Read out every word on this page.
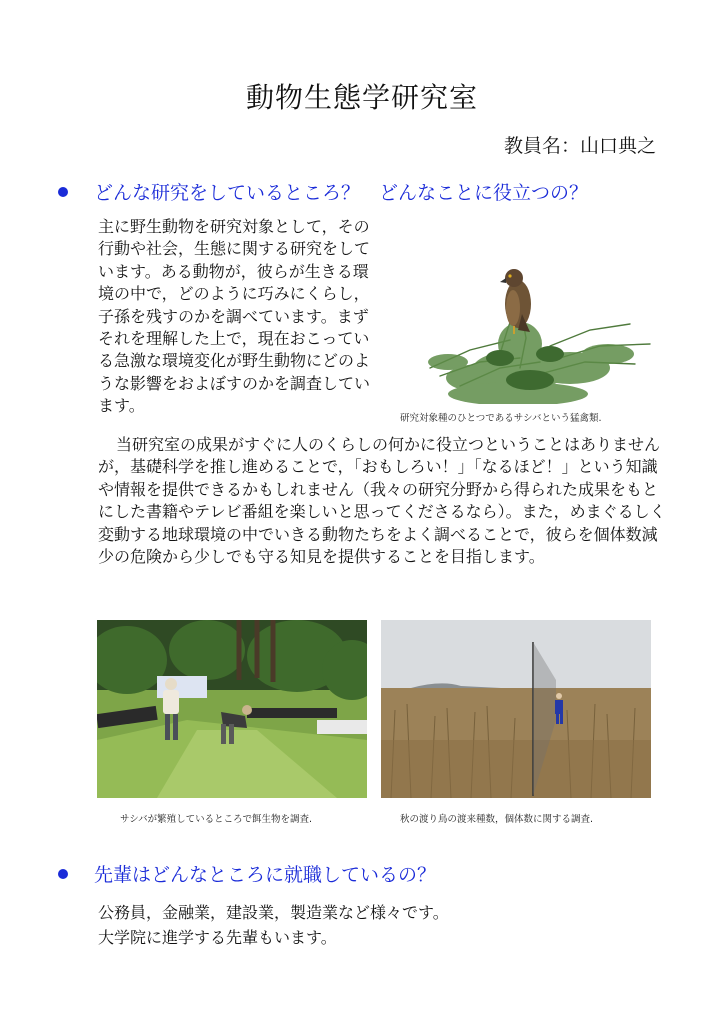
動物生態学研究室
教員名：山口典之
どんな研究をしているところ？　どんなことに役立つの？
主に野生動物を研究対象として，その行動や社会，生態に関する研究をしています。ある動物が，彼らが生きる環境の中で，どのように巧みにくらし，子孫を残すのかを調べています。まずそれを理解した上で，現在おこっている急激な環境変化が野生動物にどのような影響をおよぼすのかを調査しています。
研究対象種のひとつであるサシバという猛禽類.
当研究室の成果がすぐに人のくらしの何かに役立つということはありませんが，基礎科学を推し進めることで，「おもしろい！」「なるほど！」という知識や情報を提供できるかもしれません（我々の研究分野から得られた成果をもとにした書籍やテレビ番組を楽しいと思ってくださるなら）。また，めまぐるしく変動する地球環境の中でいきる動物たちをよく調べることで，彼らを個体数減少の危険から少しでも守る知見を提供することを目指します。
サシバが繁殖しているところで餌生物を調査.	秋の渡り鳥の渡来種数，個体数に関する調査.
先輩はどんなところに就職しているの？
公務員，金融業，建設業，製造業など様々です。
大学院に進学する先輩もいます。
